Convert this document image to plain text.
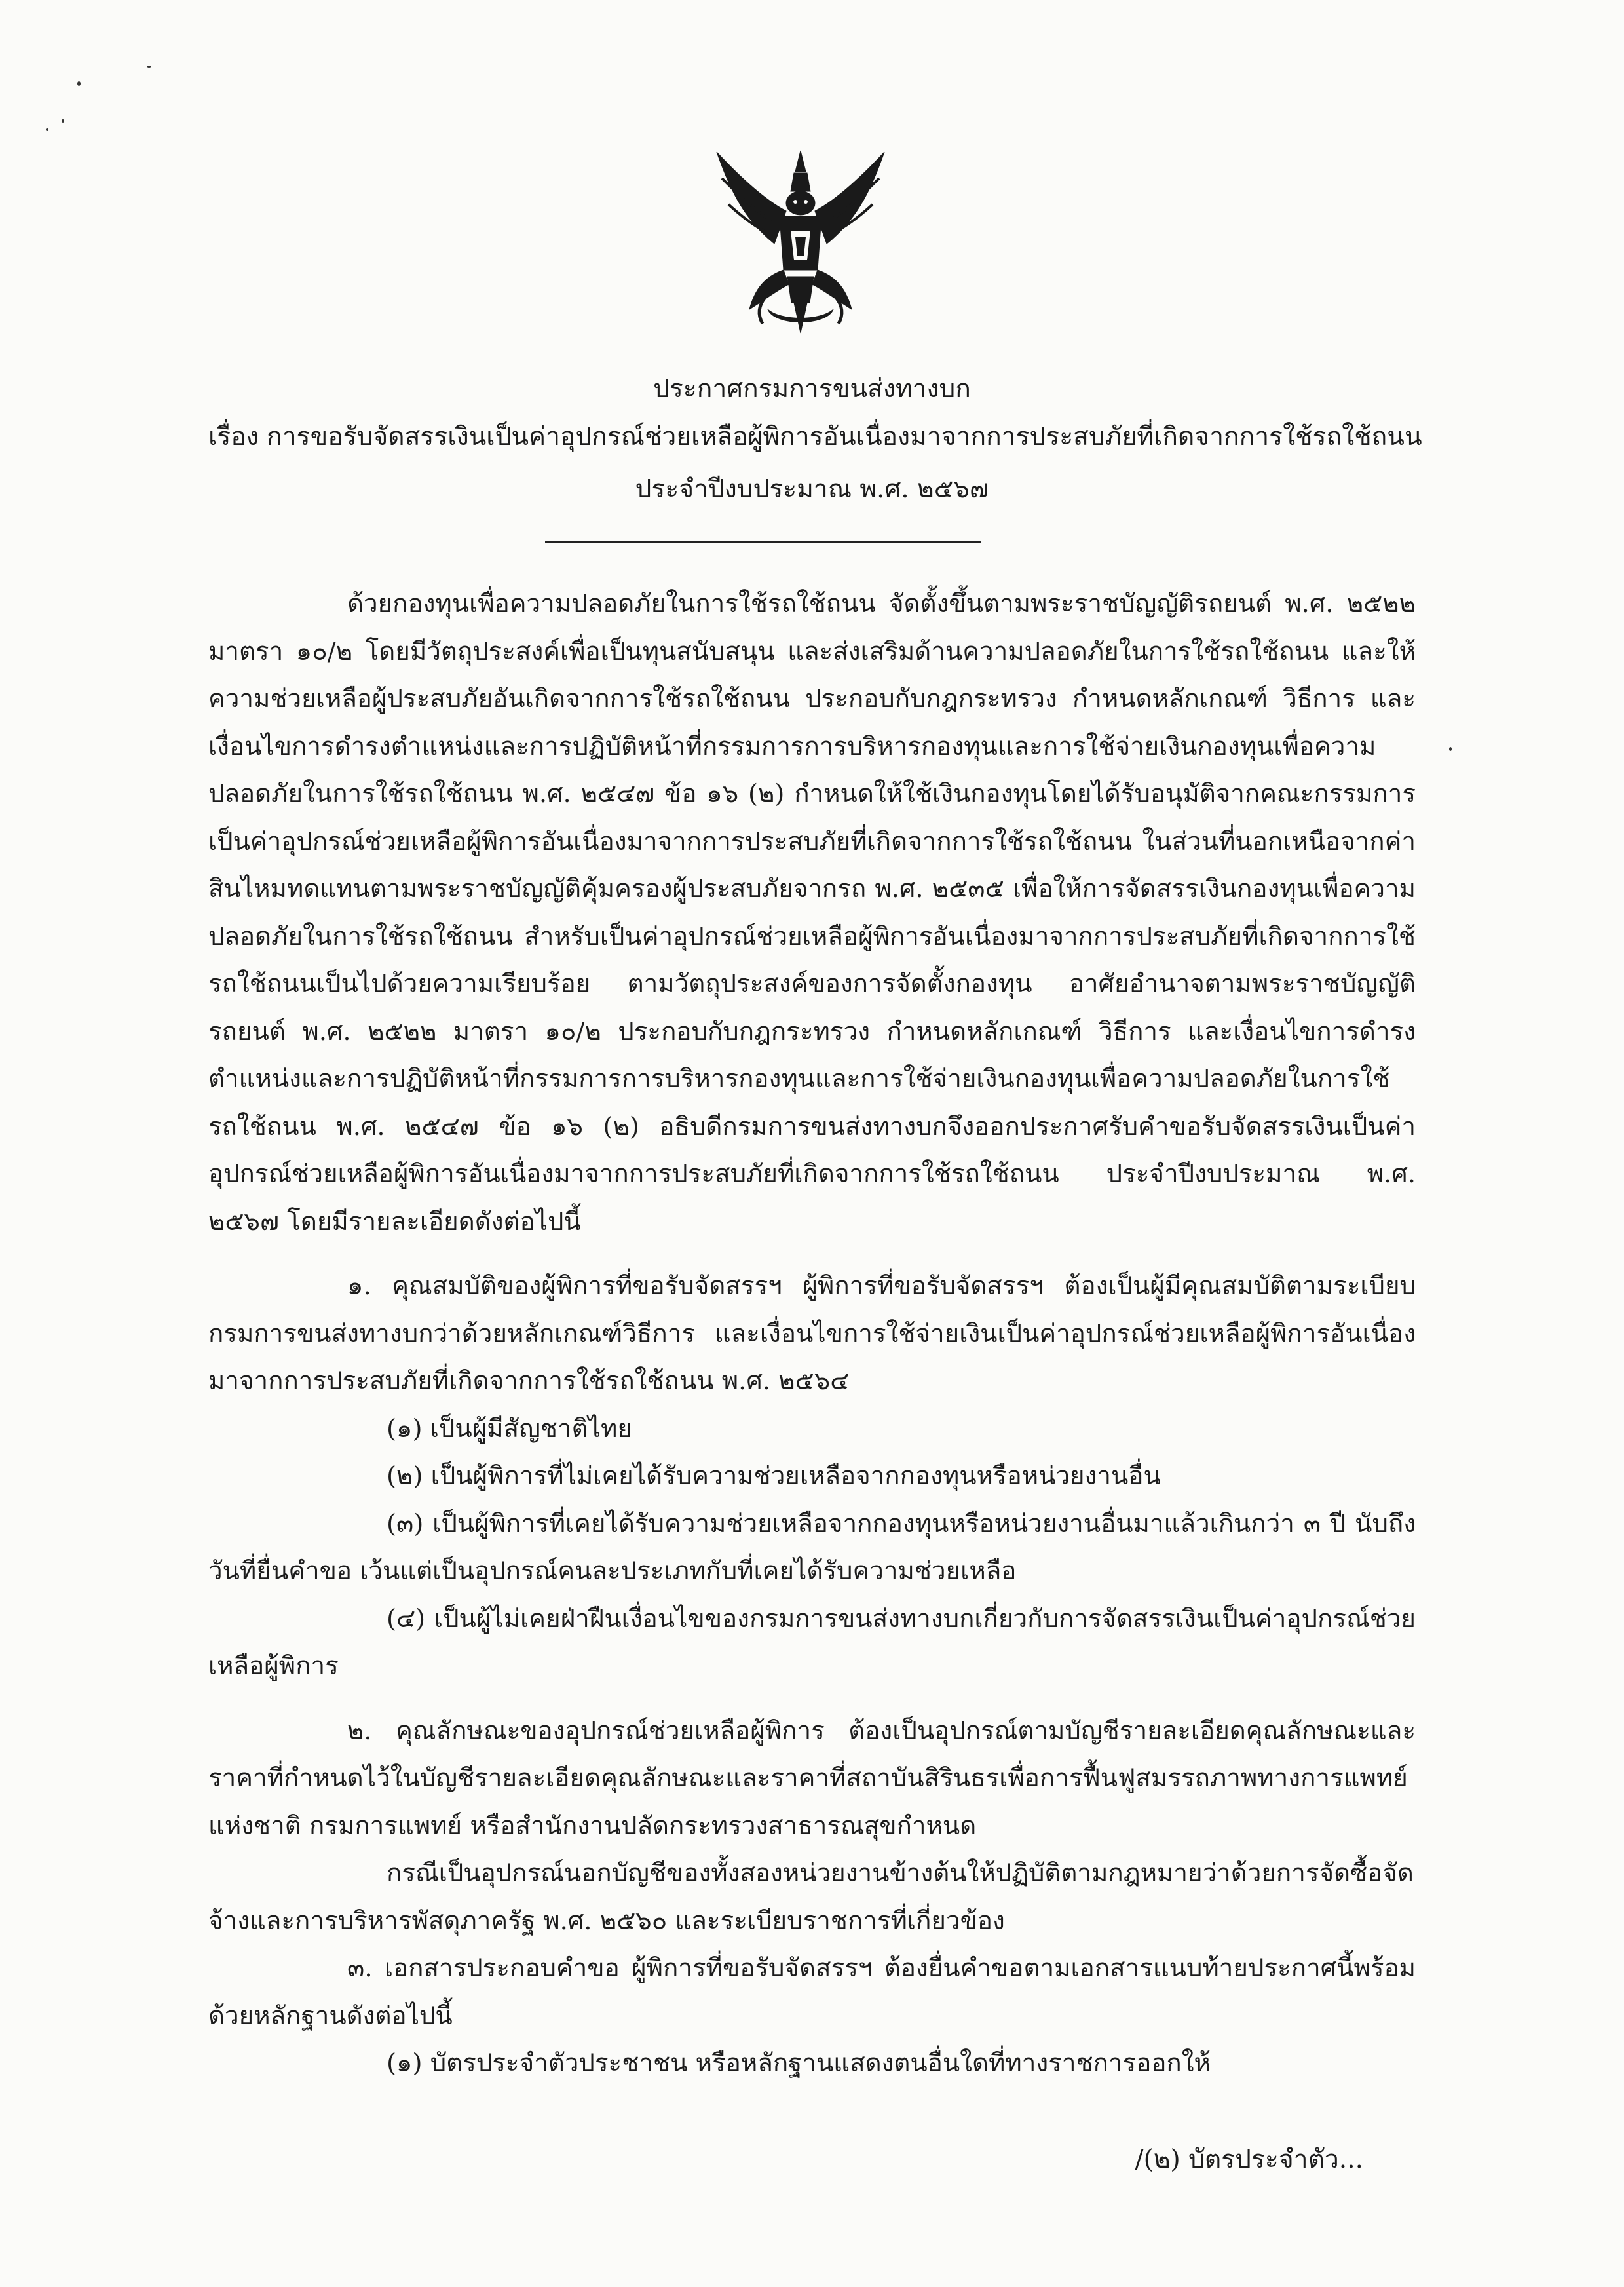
ประกาศกรมการขนส่งทางบก
เรื่อง การขอรับจัดสรรเงินเป็นค่าอุปกรณ์ช่วยเหลือผู้พิการอันเนื่องมาจากการประสบภัยที่เกิดจากการใช้รถใช้ถนน
ประจำปีงบประมาณ พ.ศ. ๒๕๖๗

ด้วยกองทุนเพื่อความปลอดภัยในการใช้รถใช้ถนน จัดตั้งขึ้นตามพระราชบัญญัติรถยนต์ พ.ศ. ๒๕๒๒ มาตรา ๑๐/๒ โดยมีวัตถุประสงค์เพื่อเป็นทุนสนับสนุน และส่งเสริมด้านความปลอดภัยในการใช้รถใช้ถนน และให้ความช่วยเหลือผู้ประสบภัยอันเกิดจากการใช้รถใช้ถนน ประกอบกับกฎกระทรวง กำหนดหลักเกณฑ์ วิธีการ และเงื่อนไขการดำรงตำแหน่งและการปฏิบัติหน้าที่กรรมการการบริหารกองทุนและการใช้จ่ายเงินกองทุนเพื่อความปลอดภัยในการใช้รถใช้ถนน พ.ศ. ๒๕๔๗ ข้อ ๑๖ (๒) กำหนดให้ใช้เงินกองทุนโดยได้รับอนุมัติจากคณะกรรมการ เป็นค่าอุปกรณ์ช่วยเหลือผู้พิการอันเนื่องมาจากการประสบภัยที่เกิดจากการใช้รถใช้ถนน ในส่วนที่นอกเหนือจากค่าสินไหมทดแทนตามพระราชบัญญัติคุ้มครองผู้ประสบภัยจากรถ พ.ศ. ๒๕๓๕ เพื่อให้การจัดสรรเงินกองทุนเพื่อความปลอดภัยในการใช้รถใช้ถนน สำหรับเป็นค่าอุปกรณ์ช่วยเหลือผู้พิการอันเนื่องมาจากการประสบภัยที่เกิดจากการใช้รถใช้ถนนเป็นไปด้วยความเรียบร้อย ตามวัตถุประสงค์ของการจัดตั้งกองทุน อาศัยอำนาจตามพระราชบัญญัติรถยนต์ พ.ศ. ๒๕๒๒ มาตรา ๑๐/๒ ประกอบกับกฎกระทรวง กำหนดหลักเกณฑ์ วิธีการ และเงื่อนไขการดำรงตำแหน่งและการปฏิบัติหน้าที่กรรมการการบริหารกองทุนและการใช้จ่ายเงินกองทุนเพื่อความปลอดภัยในการใช้รถใช้ถนน พ.ศ. ๒๕๔๗ ข้อ ๑๖ (๒) อธิบดีกรมการขนส่งทางบกจึงออกประกาศรับคำขอรับจัดสรรเงินเป็นค่าอุปกรณ์ช่วยเหลือผู้พิการอันเนื่องมาจากการประสบภัยที่เกิดจากการใช้รถใช้ถนน ประจำปีงบประมาณ พ.ศ. ๒๕๖๗ โดยมีรายละเอียดดังต่อไปนี้

๑. คุณสมบัติของผู้พิการที่ขอรับจัดสรรฯ ผู้พิการที่ขอรับจัดสรรฯ ต้องเป็นผู้มีคุณสมบัติตามระเบียบกรมการขนส่งทางบกว่าด้วยหลักเกณฑ์วิธีการ และเงื่อนไขการใช้จ่ายเงินเป็นค่าอุปกรณ์ช่วยเหลือผู้พิการอันเนื่องมาจากการประสบภัยที่เกิดจากการใช้รถใช้ถนน พ.ศ. ๒๕๖๔

(๑) เป็นผู้มีสัญชาติไทย

(๒) เป็นผู้พิการที่ไม่เคยได้รับความช่วยเหลือจากกองทุนหรือหน่วยงานอื่น

(๓) เป็นผู้พิการที่เคยได้รับความช่วยเหลือจากกองทุนหรือหน่วยงานอื่นมาแล้วเกินกว่า ๓ ปี นับถึงวันที่ยื่นคำขอ เว้นแต่เป็นอุปกรณ์คนละประเภทกับที่เคยได้รับความช่วยเหลือ

(๔) เป็นผู้ไม่เคยฝ่าฝืนเงื่อนไขของกรมการขนส่งทางบกเกี่ยวกับการจัดสรรเงินเป็นค่าอุปกรณ์ช่วยเหลือผู้พิการ

๒. คุณลักษณะของอุปกรณ์ช่วยเหลือผู้พิการ ต้องเป็นอุปกรณ์ตามบัญชีรายละเอียดคุณลักษณะและราคาที่กำหนดไว้ในบัญชีรายละเอียดคุณลักษณะและราคาที่สถาบันสิรินธรเพื่อการฟื้นฟูสมรรถภาพทางการแพทย์แห่งชาติ กรมการแพทย์ หรือสำนักงานปลัดกระทรวงสาธารณสุขกำหนด

กรณีเป็นอุปกรณ์นอกบัญชีของทั้งสองหน่วยงานข้างต้นให้ปฏิบัติตามกฎหมายว่าด้วยการจัดซื้อจัดจ้างและการบริหารพัสดุภาครัฐ พ.ศ. ๒๕๖๐ และระเบียบราชการที่เกี่ยวข้อง

๓. เอกสารประกอบคำขอ ผู้พิการที่ขอรับจัดสรรฯ ต้องยื่นคำขอตามเอกสารแนบท้ายประกาศนี้พร้อมด้วยหลักฐานดังต่อไปนี้

(๑) บัตรประจำตัวประชาชน หรือหลักฐานแสดงตนอื่นใดที่ทางราชการออกให้

/(๒) บัตรประจำตัว...
